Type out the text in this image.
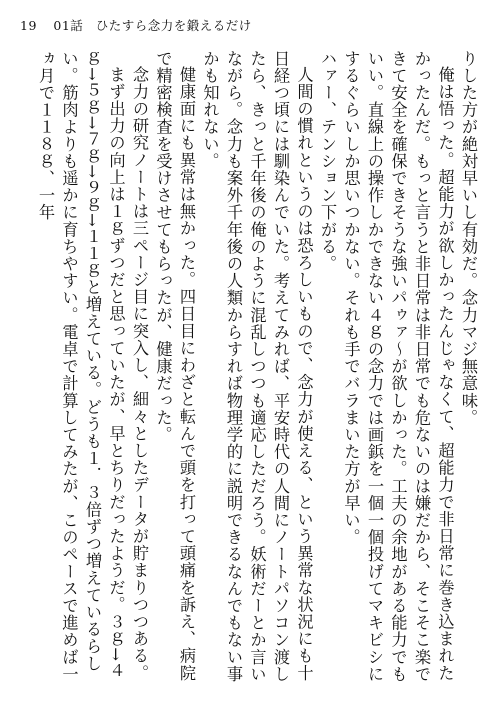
19 01話 ひたすら念力を鍛えるだけ

りした方が絶対早いし有効だ。念力マジ無意味。

俺は悟った。超能力が欲しかったんじゃなくて、超能力で非日常に巻き込まれたかったんだ。もっと言うと非日常は非日常でも危ないのは嫌だから、そこそこ楽できて安全を確保できそうな強いパゥァ～が欲しかった。工夫の余地がある能力でもいい。直線上の操作しかできない４ｇの念力では画鋲を一個一個投げてマキビシにするぐらいしか思いつかない。それも手でバラまいた方が早い。

ハァー、テンション下がる。

人間の慣れというのは恐ろしいもので、念力が使える、という異常な状況にも十日経つ頃には馴染んでいた。考えてみれば、平安時代の人間にノートパソコン渡したら、きっと千年後の俺のように混乱しつつも適応しただろう。妖術だーとか言いながら。念力も案外千年後の人類からすれば物理学的に説明できるなんでもない事かも知れない。

健康面にも異常は無かった。四日目にわざと転んで頭を打って頭痛を訴え、病院で精密検査を受けさせてもらったが、健康だった。

念力の研究ノートは三ページ目に突入し、細々としたデータが貯まりつつある。

まず出力の向上は１ｇずつだと思っていたが、早とちりだったようだ。３ｇ→４ｇ→５ｇ→７ｇ→９ｇ→１１ｇと増えている。どうも１．３倍ずつ増えているらしい。筋肉よりも遥かに育ちやすい。電卓で計算してみたが、このペースで進めば一ヵ月で１１８ｇ、一年
